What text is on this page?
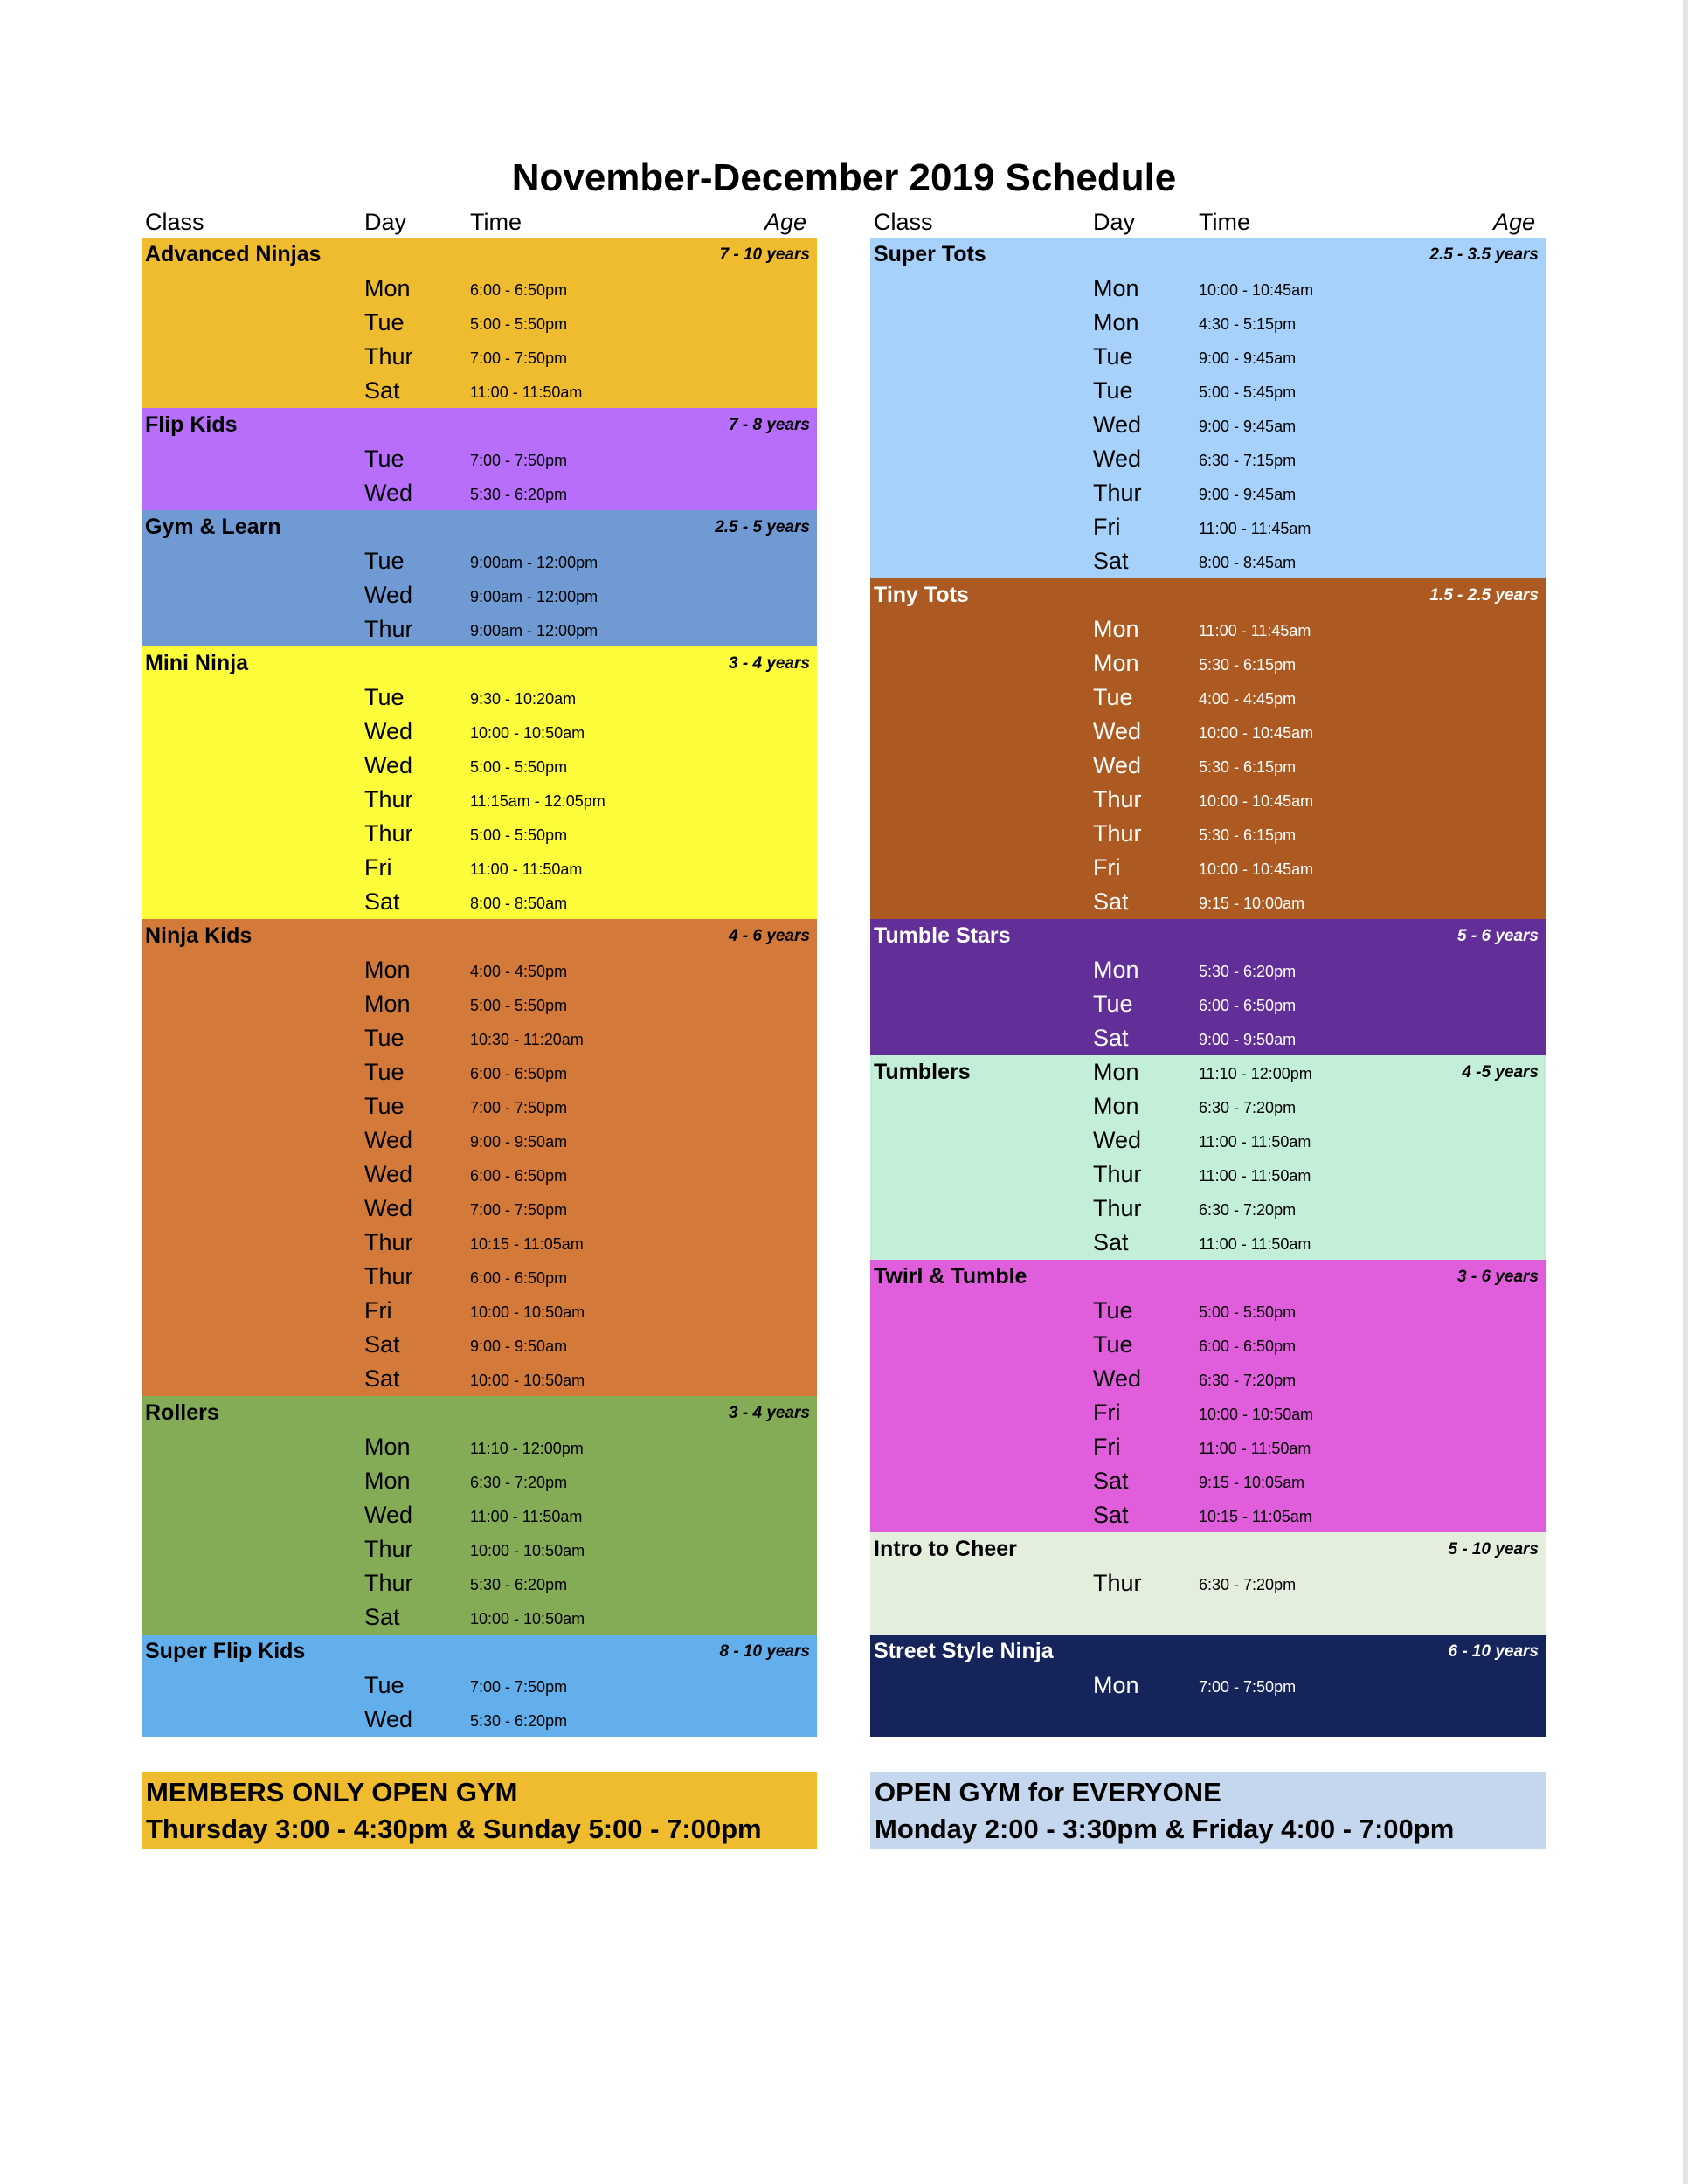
November-December 2019 Schedule
Class	Day	Time	Age
Advanced Ninjas	7 - 10 years
Mon	6:00 - 6:50pm
Tue	5:00 - 5:50pm
Thur	7:00 - 7:50pm
Sat	11:00 - 11:50am
Flip Kids	7 - 8 years
Tue	7:00 - 7:50pm
Wed	5:30 - 6:20pm
Gym & Learn	2.5 - 5 years
Tue	9:00am - 12:00pm
Wed	9:00am - 12:00pm
Thur	9:00am - 12:00pm
Mini Ninja	3 - 4 years
Tue	9:30 - 10:20am
Wed	10:00 - 10:50am
Wed	5:00 - 5:50pm
Thur	11:15am - 12:05pm
Thur	5:00 - 5:50pm
Fri	11:00 - 11:50am
Sat	8:00 - 8:50am
Ninja Kids	4 - 6 years
Mon	4:00 - 4:50pm
Mon	5:00 - 5:50pm
Tue	10:30 - 11:20am
Tue	6:00 - 6:50pm
Tue	7:00 - 7:50pm
Wed	9:00 - 9:50am
Wed	6:00 - 6:50pm
Wed	7:00 - 7:50pm
Thur	10:15 - 11:05am
Thur	6:00 - 6:50pm
Fri	10:00 - 10:50am
Sat	9:00 - 9:50am
Sat	10:00 - 10:50am
Rollers	3 - 4 years
Mon	11:10 - 12:00pm
Mon	6:30 - 7:20pm
Wed	11:00 - 11:50am
Thur	10:00 - 10:50am
Thur	5:30 - 6:20pm
Sat	10:00 - 10:50am
Super Flip Kids	8 - 10 years
Tue	7:00 - 7:50pm
Wed	5:30 - 6:20pm
Class	Day	Time	Age
Super Tots	2.5 - 3.5 years
Mon	10:00 - 10:45am
Mon	4:30 - 5:15pm
Tue	9:00 - 9:45am
Tue	5:00 - 5:45pm
Wed	9:00 - 9:45am
Wed	6:30 - 7:15pm
Thur	9:00 - 9:45am
Fri	11:00 - 11:45am
Sat	8:00 - 8:45am
Tiny Tots	1.5 - 2.5 years
Mon	11:00 - 11:45am
Mon	5:30 - 6:15pm
Tue	4:00 - 4:45pm
Wed	10:00 - 10:45am
Wed	5:30 - 6:15pm
Thur	10:00 - 10:45am
Thur	5:30 - 6:15pm
Fri	10:00 - 10:45am
Sat	9:15 - 10:00am
Tumble Stars	5 - 6 years
Mon	5:30 - 6:20pm
Tue	6:00 - 6:50pm
Sat	9:00 - 9:50am
Tumblers	Mon	11:10 - 12:00pm	4 -5 years
Mon	6:30 - 7:20pm
Wed	11:00 - 11:50am
Thur	11:00 - 11:50am
Thur	6:30 - 7:20pm
Sat	11:00 - 11:50am
Twirl & Tumble	3 - 6 years
Tue	5:00 - 5:50pm
Tue	6:00 - 6:50pm
Wed	6:30 - 7:20pm
Fri	10:00 - 10:50am
Fri	11:00 - 11:50am
Sat	9:15 - 10:05am
Sat	10:15 - 11:05am
Intro to Cheer	5 - 10 years
Thur	6:30 - 7:20pm
Street Style Ninja	6 - 10 years
Mon	7:00 - 7:50pm
MEMBERS ONLY OPEN GYM
Thursday 3:00 - 4:30pm & Sunday 5:00 - 7:00pm
OPEN GYM for EVERYONE
Monday 2:00 - 3:30pm & Friday 4:00 - 7:00pm
